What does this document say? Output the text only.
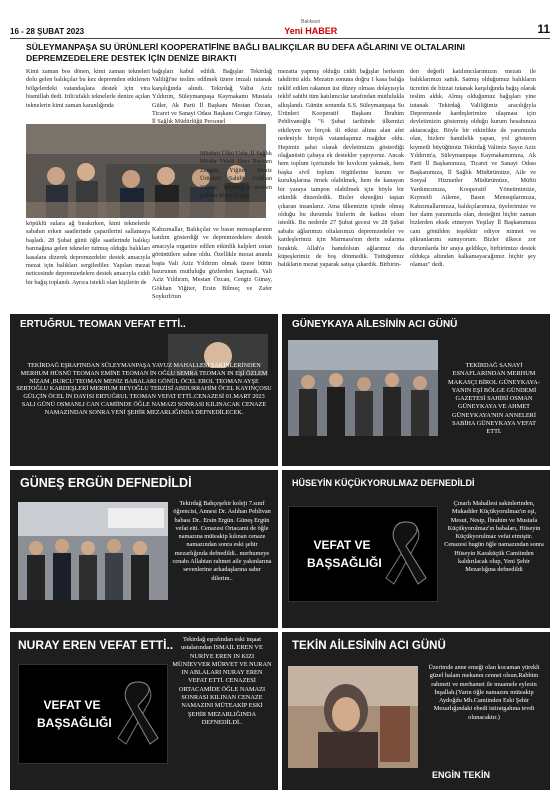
16 - 28 ŞUBAT 2023
Balıkesir
Yeni HABER	11
SÜLEYMANPAŞA SU ÜRÜNLERİ KOOPERATİFİNE BAĞLI BALIKÇILAR BU DEFA AĞLARINI VE OLTALARINI DEPREMZEDELERE DESTEK İÇİN DENİZE BIRAKTI
Kimi zaman bos dönen, kimi zaman tekneleri dolu gelen balıkçılar bu kez depremden etkilenen bölgelerdeki vatandaşlara destek için vira bismillah dedi. Irili/ufaklı teknelerle denize açılan teknelerin kimi zaman karanlığında
köpüklü sulara ağ bırakırken, kimi teknelerde sabahın erken saatlerinde çaparilerini sallamaya başladı. 28 Şubat günü öğle saatlerinde balıkçı barınağına gelen tekneler tutmuş olduğu balıkları kasalara dizerek depremzedeler destek amacıyla mezat için balıkları sergilediler. Yapılan mezat neticesinde depremzedelere destek amacıyla ciddi bir bağış toplandı. Ayrıca istekli olan kişilerin de
bağışları kabul edildi. Bağışlar Tekirdağ Valiliği'ne teslim edilmek üzere imzalı tutanak karşılığında alındı. Tekirdağ Valisi Aziz Yıldırım, Süleymanpaşa Kaymakamı Mustafa Güler, Ak Parti İl Başkanı Mestan Özcan, Ticaret ve Sanayi Odası Başkanı Cengiz Günay, İl Sağlık Müdürlüğü Personel
Müdürü Ülkü Uslu, İl Sağlık Müdür Vekili Hacı Bayram Zengin, Yiğiter Deniz Ürünleri Sahibi Gökhan Yiğiter, Tekirdağ'ın sevilen şadamı Reşat Koşar,
Kabzımallar, Balıkçılar ve basın mensuplarının katılım gösterdiği ve depremzedelere destek amacıyla organize edilen etkinlik kalpleri ısıtan görüntülere sahne oldu. Özellikle mezat anında başta Vali Aziz Yıldırım olmak üzere bütün hazırunun mutluluğu gözlerden kaçmadı. Vali Aziz Yıldırım, Mestan Özcan, Cengiz Günay, Gökhan Yiğiter, Ersin Bilmeç ve Zafer Soykırlı'nın
mezatta yapmış olduğu ciddi bağışlar herkesin takdirini aldı. Mezatın sonuna doğru 1 kasa balığa teklif edilen rakamın üst düzey olması dolayısıyla teklif sahibi tüm katılımcılar tarafından mutlulukla alkışlandı. Günün sonunda S.S. Süleymanpaşa Su Ürünleri Kooperatif Başkanı İbrahim Pehlivanoğlu "6 Şubat tarihinde ülkemizi etkileyen ve birçok ili etkisi altına alan afet nedeniyle birçok vatandaşımız mağdur oldu. Hepimiz şahsi olarak devletimizin gösterdiği olağanüstü çabaya ek destekler yapıyoruz. Ancak hem toplum içerisinde bir kıvılcım yakmak, hem başka sivil toplum örgütlerine kurum ve kuruluşlarına örnek olabilmek, hem de kanayan bir yaraya tampon olabilmek için böyle bir etkinlik düzenledik. Bizler ekmeğini taştan çıkaran insanlarız. Ama ülkemizin içinde olmuş olduğu bu durumda bizlerin de katkısı olsun istedik. Bu nedenle 27 Şubat gecesi ve 28 Şubat sabahı ağlarımızı oltalarımızı depremzedeler ve kardeşlerimiz için Marmara'nın derin sularına bıraktık. Allah'a hamdolsun ağlarımız da küpeşlerimiz de boş dönmedik. Tuttuğumuz balıkların mezat yaparak satışa çıkardık. Birbirin-
den değerli katılımcılarımızın mezatı ile balıklarımızı sattık. Satmış olduğumuz balıkların ücretini de bizzat tutanak karşılığında bağış olarak teslim aldık. Almış olduğumuz bağışları yine tutanak Tekirdağ Valiliğimiz aracılığıyla Depremzede kardeşlerimize ulaşması için devletimizin göstermiş olduğu kurum hesabınıza aktaracağız. Böyle bir etkinlikte de yanımızda olan, bizlere hamilelik yapan, yol gösteren kıymetli büyüğümüz Tekirdağ Valimiz Sayın Aziz Yıldırım'a, Süleymanpaşa Kaymakamımıza, Ak Parti İl Başkanımıza, Ticaret ve Sanayi Odası Başkanımıza, İl Sağlık Müdürümüze, Aile ve Sosyal Hizmetler Müdürümüze, Müftü Yardımcımıza, Kooperatif Yönetimimize, Kıymetli Aileme, Basın Mensuplarımıza, Kabzımallarımıza, balıkçılarımıza, üyelerimize ve her daim yanımızda olan, desteğini hiçbir zaman bizlerden eksik etmeyen Yeşilay İl Başkanımıza canı gönülden teşekkür ediyor minnet ve şükranlarımı sunuyorum. Bizler ülkece zor durumlarda bir araya geldikçe, birbirimize destek oldukça altından kalkamayacağımız hiçbir şey olamaz" dedi.
ERTUĞRUL TEOMAN VEFAT ETTİ..
TEKİRDAĞ EŞRAFINDAN SÜLEYMANPAŞA YAVUZ MAHALLESİ SAKİNLERİNDEN MERHUM HÜSNÜ TEOMAN EMİNE TEOMAN İN OĞLU SEMRA TEOMAN IN EŞİ ÖZLEM NİZAM ,BURCU TEOMAN MENİZ BABALARI GÖNÜL ÖCEL EROL TEOMAN AYŞE SERTOĞLU KARDEŞLERİ MERHUM BEYOĞLU TERZİSİ ABDURRAHİM ÖCEL KAYINÇOSU GÜLÇİN ÖCEL İN DAYISI ERTUĞRUL TEOMAN VEFAT ETTİ..CENAZESİ 01.MART 2023 SALI GÜNÜ OSMANLI CAN CAMİİNDE ÖĞLE NAMAZI SONRASI KILINACAK CENAZE NAMAZINDAN SONRA YENİ ŞEHİR MEZARLIĞINDA DEFNEDİLECEK.
GÜNEYKAYA AİLESİNİN ACI GÜNÜ
TEKİRDAĞ SANAYİ ESNAFLARINDAN MERHUM MAKASÇI BİROL GÜNEYKAYA-YANIN EŞİ BÖLGE GÜNDEMİ GAZETESİ SAHİBİ OSMAN GÜNEYKAYA VE AHMET GÜNEYKAYA'NIN ANNELERİ SABİHA GÜNEYKAYA VEFAT ETTİ.
GÜNEŞ ERGÜN DEFNEDİLDİ
Tekirdağ Bahçeşehir koleji 7.sınıf öğrencisi, Annesi Dr. Aslıhan Pehlivan babası Dr.. Ersin Ergün. Güneş Ergün vefat etti. Cenazesi Ortacami de öğle namazına müteakip kılınan cenaze namazından sonra eski şehir mezarlığında defnedildi.. merhumeye cenabı Allahtan rahmet aile yakınlarına sevenlerine arkadaşlarına sabır dilerim..
HÜSEYİN KÜÇÜKYORULMAZ DEFNEDİLDİ
VEFAT VE BAŞSAĞLIĞI
Çınarlı Mahallesi sakinlerinden, Mukadder Küçükyorulmaz'ın eşi, Mesut, Nesip, İbrahim ve Mustafa Küçükyorulmaz'ın babaları, Hüseyin Küçükyorulmaz vefat etmiştir. Cenazesi bugün öğle namazından sonra Hüseyin Karaküçük Camiinden kaldırılacak olup, Yeni Şehir Mezarlığına defnedildi
NURAY EREN VEFAT ETTİ..
VEFAT VE BAŞSAĞLIĞI
Tekirdağ eşrafından eski inşaat ustalarından İSMAİL EREN VE NURİYE EREN IN KIZI MÜNİEVVER MÜRVET VE NURAN IN ABLALARI NURAY EREN VEFAT ETTİ. CENAZESİ ORTACAMİDE ÖĞLE NAMAZI SONRASI KILINAN CENAZE NAMAZINI MÜTEAKİP ESKİ ŞEHİR MEZARLIĞINDA DEFNEDİLDİ..
TEKİN AİLESİNİN ACI GÜNÜ
Üzerimde anne emeği olan kocaman yürekli güzel halam mekanın cennet olsun.Rabbim rahmeti ve merhamet ile muamele eylesin İnşallah.(Yarın öğle namazını müteakip Aydoğdu Mh.Camiinden Eski Şehir Mezarlığındaki ebedi istiratgahına tevdi olunacaktır.)
ENGİN TEKİN
